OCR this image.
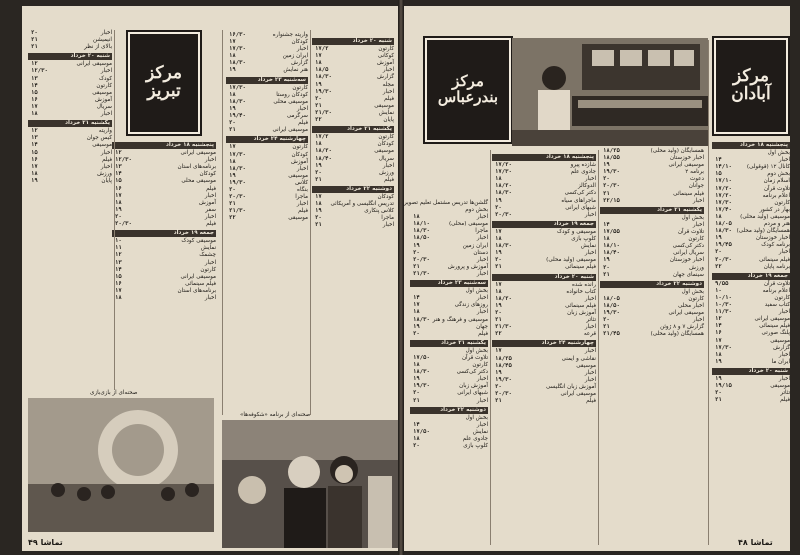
پنجشنبه ۱۸ خرداد
بخش اول
اخبار
۱۴
کانال ۱۲ (قوقولی)
۱۴/۱۰
بخش دوم
۱۵
اسلام زمان
۱۷/۱۰
تلاوت قرآن
۱۷/۲۰
اعلام برنامه
۱۷/۲۰
کارتون
۱۷/۳۰
بهار در کشور
۱۷/۴۰
موسیقی (ولید محلی)
۱۸
هنر و مردم
۱۸/۰۵
همسایگان (ولید محلی)
۱۸/۳۰
اخبار خوزستان
۱۹
برنامه کودک
۱۹/۴۵
اخبار
۲۰
فیلم سینمائی
۲۰/۳۰
برنامه پایان
۲۲
جمعه ۱۹ خرداد
تلاوت قرآن
۹/۵۵
اعلام برنامه
۱۰
کارتون
۱۰/۱۰
کتاب سفید
۱۰/۳۰
اخبار
۱۱/۳۰
موسیقی ایرانی
۱۲
فیلم سینمائی
۱۴
پلنگ صورتی
۱۶
موسیقی
۱۷
گزارش
۱۷/۳۰
اخبار
۱۸
ایران ما
۱۹
شنبه ۲۰ خرداد
اخبار
۱۹
موسیقی
۱۹/۱۵
تئاتر
۲۰
فیلم
۲۱
همسایگان (ولید محلی)
۱۸/۲۵
اخبار خوزستان
۱۸/۵۵
موسیقی ایرانی
۱۹
برنامه ۲
۱۹/۳۰
دعوت
۲۰
جوانان
۲۰/۳۰
فیلم سینمائی
۲۱
اخبار
۲۲/۱۵
یکشنبه ۲۱ خرداد
بخش اول
اخبار
۱۴
تلاوت قرآن
۱۷/۵۵
کارتون
۱۸
دکتر کی‌کسی
۱۸/۱۰
سریال ایرانی
۱۸/۴۰
اخبار خوزستان
۱۹
ورزش
۲۰
سینمای جهان
۲۱
دوشنبه ۲۲ خرداد
بخش اول
کارتون
۱۸/۰۵
اخبار محلی
۱۸/۵۰
موسیقی ایرانی
۱۹/۳۰
اخبار
۲۰
گزارش ۷ و ۸ ژوئن
۲۱
همسایگان (ولید محلی)
۲۱/۴۵
پنجشنبه ۱۸ خرداد
شازده پیرو
۱۷/۲۰
جادوی علم
۱۷/۳۰
اخبار
۱۸
الدوکالز
۱۸/۲۰
دکتر کی‌کسی
۱۸/۳۰
ماجراهای سیاه
۱۹
شبهای ایرانی
۲۰
اخبار
۲۰/۳۰
جمعه ۱۹ خرداد
موسیقی و کودک
۱۷
کلوپ بازی
۱۸
نمایش
۱۸/۳۰
اخبار
۱۹
موسیقی (ولید محلی)
۲۰
فیلم سینمائی
۲۱
شنبه ۲۰ خرداد
رانده شده
۱۷
کتاب خانواده
۱۸
اخبار
۱۸/۲۰
فیلم سینمائی
۱۹
آموزش زبان
۲۰
تئاتر
۲۱
اخبار
۲۱/۳۰
قرعه
۲۲
چهارشنبه ۲۴ خرداد
اخبار
۱۷
نقاشی و ایمنی
۱۸/۲۵
موسیقی
۱۸/۴۵
اخبار
۱۹
اخبار
۱۹/۳۰
آموزش زبان انگلیسی
۲۰
موسیقی ایرانی
۲۰/۳۰
فیلم
۲۱
گلشن‌ها تدریس مشتمل تعلیم تصویر
بخش دوم
اخبار
۱۸
موسیقی (محلی)
۱۸/۱۰
ماجرا
۱۸/۳۰
اخبار
۱۸/۵۰
ایران زمین
۱۹
دستان
۲۰
اخبار
۲۰/۳۰
آموزش و پرورش
۲۱
اخبار
۲۱/۳۰
سه‌شنبه ۲۳ خرداد
بخش اول
اخبار
۱۴
روزهای زندگی
۱۷
اخبار
۱۸
موسیقی و فرهنگ و هنر
۱۸/۳۰
جهان
۱۹
فیلم
۲۰
یکشنبه ۲۱ خرداد
بخش اول
تلاوت قرآن
۱۷/۵۰
کارتون
۱۸
دکتر کی‌کسی
۱۸/۳۰
اخبار
۱۹
آموزش زبان
۱۹/۳۰
شبهای ایرانی
۲۰
اخبار
۲۱
دوشنبه ۲۲ خرداد
بخش اول
اخبار
۱۴
نمایش
۱۷/۵۰
جادوی علم
۱۸
کلوپ بازی
۲۰
شنبه ۲۰ خرداد
کارتون
۱۷/۲
کوکانی
۱۷
آموزش
۱۸
اخبار
۱۸/۵
گزارش
۱۸/۳۰
مجله
۱۹
اخبار
۱۹/۳۰
فیلم
۲۰
موسیقی
۲۱
نمایش
۲۱/۳۰
پایان
۲۲
یکشنبه ۲۱ خرداد
کارتون
۱۷/۲
کودکان
۱۸
موسیقی
۱۸/۲۰
سریال
۱۸/۴۰
اخبار
۱۹
ورزش
۲۰
فیلم
۲۱
دوشنبه ۲۲ خرداد
کودکان
۱۷
تدریس انگلیسی و آمریکائی
۱۸
کلاس پنکاری
۱۹
ماجرا
۲۰
اخبار
۲۱
واریته جشنواره
۱۶/۳۰
کودکان
۱۷
اخبار
۱۷/۳۰
ایران زمین
۱۸
گزارش
۱۸/۳۰
هنر نمایش
۱۹
سه‌شنبه ۲۳ خرداد
کارتون
۱۷/۳۰
کودکان روستا
۱۸
موسیقی محلی
۱۸/۳۰
اخبار
۱۹
سرگرمی
۱۹/۴۰
فیلم
۲۰
موسیقی ایرانی
۲۱
چهارشنبه ۲۴ خرداد
کارتون
۱۷
کودکان
۱۷/۳۰
آموزش
۱۸
اخبار
۱۸/۳۰
موسیقی
۱۹
کلاس
۱۹/۳۰
بنگاه
۲۰
ماجرا
۲۰/۳۰
اخبار
۲۱
فیلم
۲۱/۳۰
موسیقی
۲۲
پنجشنبه ۱۸ خرداد
موسیقی ایرانی
۱۲
اخبار
۱۲/۳۰
برنامه‌های استان
۱۳
کودکان
۱۴
موسیقی محلی
۱۵
فیلم
۱۶
اخبار
۱۷
آموزش
۱۸
سفر
۱۹
اخبار
۲۰
فیلم
۲۰/۳۰
جمعه ۱۹ خرداد
موسیقی کودک
۱۰
نمایش
۱۱
چشمک
۱۲
اخبار
۱۳
کارتون
۱۴
موسیقی ایرانی
۱۵
فیلم سینمائی
۱۶
برنامه‌های استان
۱۷
اخبار
۱۸
اخبار
۲۰
انیمیشن
۲۱
بالای از نظر
۲۱
شنبه ۲۰ خرداد
موسیقی ایرانی
۱۲
اخبار
۱۲/۳۰
کودک
۱۳
کارتون
۱۴
موسیقی
۱۵
آموزش
۱۶
سریال
۱۷
اخبار
۱۸
یکشنبه ۲۱ خرداد
واریته
۱۲
کیس جوان
۱۳
موسیقی
۱۴
اخبار
۱۵
فیلم
۱۶
اخبار
۱۷
ورزش
۱۸
پایان
۱۹
مرکز
آبادان
مرکز
بندرعباس
مرکز
تبریز
صحنه‌ای از برنامه «شکوفه‌ها»
صحنه‌ای از بازی‌بازی
تماشا ۴۹	تماشا ۴۸
